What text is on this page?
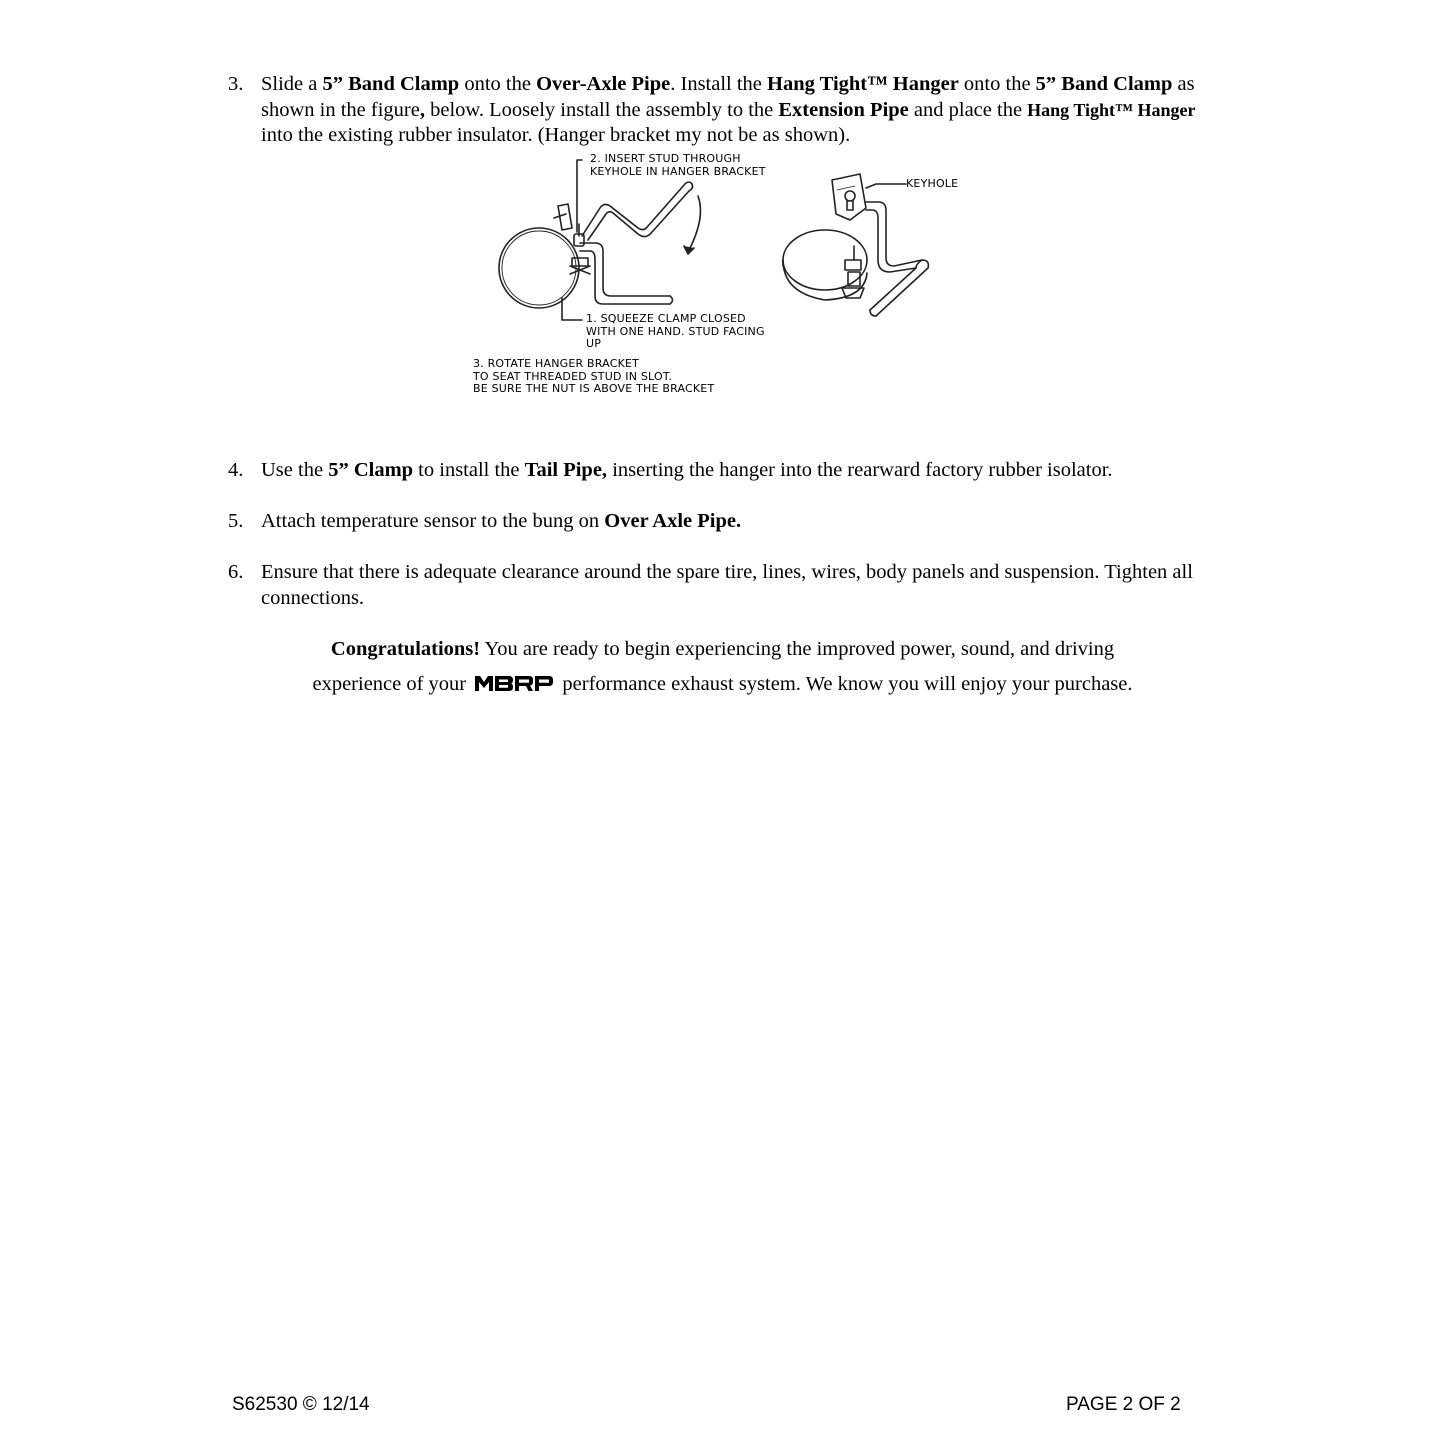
3. Slide a 5” Band Clamp onto the Over-Axle Pipe. Install the Hang Tight™ Hanger onto the 5” Band Clamp as shown in the figure, below. Loosely install the assembly to the Extension Pipe and place the Hang Tight™ Hanger into the existing rubber insulator. (Hanger bracket my not be as shown).
2. INSERT STUD THROUGH
KEYHOLE IN HANGER BRACKET
KEYHOLE
1. SQUEEZE CLAMP CLOSED
WITH ONE HAND. STUD FACING
UP
3. ROTATE HANGER BRACKET
TO SEAT THREADED STUD IN SLOT.
BE SURE THE NUT IS ABOVE THE BRACKET
4. Use the 5” Clamp to install the Tail Pipe, inserting the hanger into the rearward factory rubber isolator.
5. Attach temperature sensor to the bung on Over Axle Pipe.
6. Ensure that there is adequate clearance around the spare tire, lines, wires, body panels and suspension. Tighten all connections.
Congratulations! You are ready to begin experiencing the improved power, sound, and driving
experience of your	performance exhaust system. We know you will enjoy your purchase.
S62530 © 12/14	PAGE 2 OF 2
